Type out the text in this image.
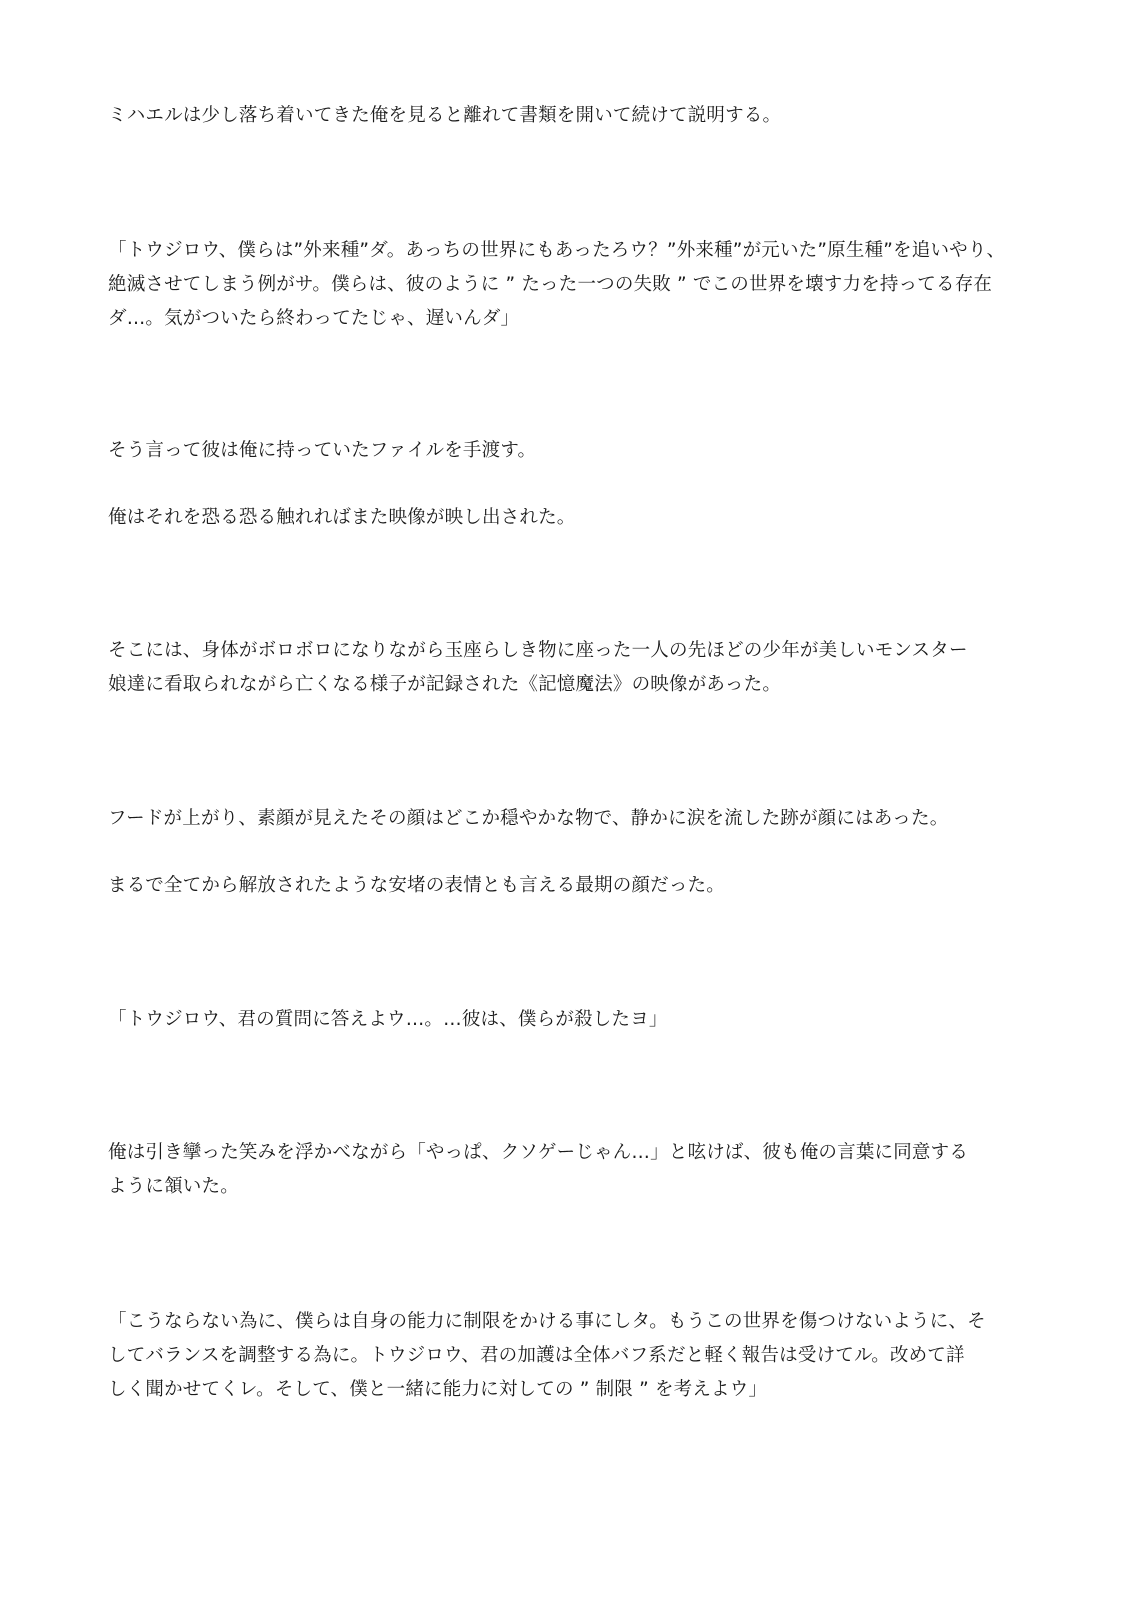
ミハエルは少し落ち着いてきた俺を見ると離れて書類を開いて続けて説明する。

「トウジロウ、僕らは”外来種”ダ。あっちの世界にもあったろウ？”外来種”が元いた”原生種”を追いやり、
絶滅させてしまう例がサ。僕らは、彼のように ” たった一つの失敗 ” でこの世界を壊す力を持ってる存在
ダ…。気がついたら終わってたじゃ、遅いんダ」

そう言って彼は俺に持っていたファイルを手渡す。

俺はそれを恐る恐る触れればまた映像が映し出された。

そこには、身体がボロボロになりながら玉座らしき物に座った一人の先ほどの少年が美しいモンスター
娘達に看取られながら亡くなる様子が記録された《記憶魔法》の映像があった。

フードが上がり、素顔が見えたその顔はどこか穏やかな物で、静かに涙を流した跡が顔にはあった。

まるで全てから解放されたような安堵の表情とも言える最期の顔だった。

「トウジロウ、君の質問に答えよウ…。…彼は、僕らが殺したヨ」

俺は引き攣った笑みを浮かべながら「やっぱ、クソゲーじゃん…」と呟けば、彼も俺の言葉に同意する
ように頷いた。

「こうならない為に、僕らは自身の能力に制限をかける事にしタ。もうこの世界を傷つけないように、そ
してバランスを調整する為に。トウジロウ、君の加護は全体バフ系だと軽く報告は受けてル。改めて詳
しく聞かせてくレ。そして、僕と一緒に能力に対しての ” 制限 ” を考えよウ」
